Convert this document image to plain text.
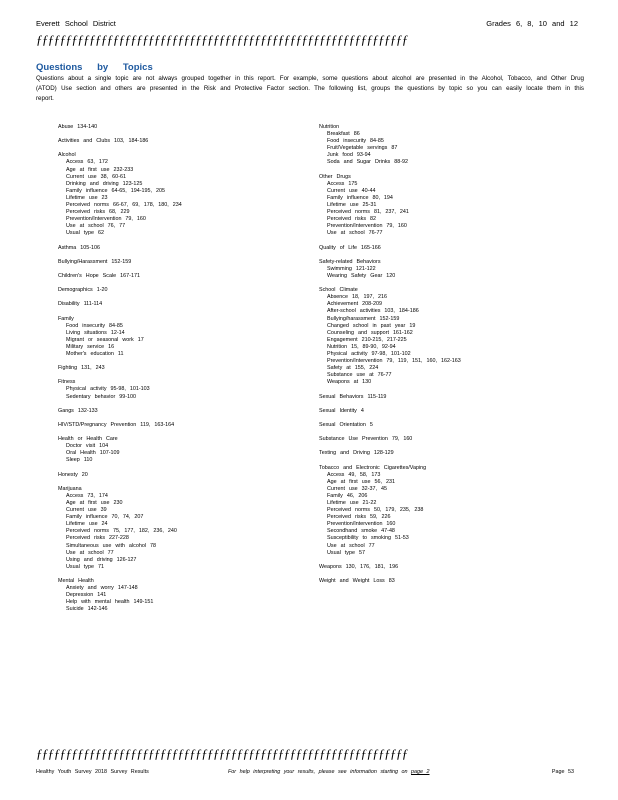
Everett School District	Grades 6, 8, 10 and 12
ƒƒƒƒƒƒƒƒƒƒƒƒƒƒƒƒƒƒƒƒƒƒƒƒƒƒƒƒƒƒƒƒƒƒƒƒƒƒƒƒƒƒƒƒƒƒƒƒƒƒƒƒƒƒƒƒƒƒƒƒƒƒƒ
Questions by Topics
Questions about a single topic are not always grouped together in this report. For example, some questions about alcohol are presented in the Alcohol, Tobacco, and Other Drug (ATOD) Use section and others are presented in the Risk and Protective Factor section. The following list, groups the questions by topic so you can easily locate them in this report.
Abuse 134-140
Activities and Clubs 103, 184-186
Alcohol
Access 63, 172
Age at first use 232-233
Current use 38, 60-61
Drinking and driving 123-125
Family influence 64-65, 194-195, 205
Lifetime use 23
Perceived norms 66-67, 69, 178, 180, 234
Perceived risks 68, 229
Prevention/Intervention 79, 160
Use at school 76, 77
Usual type 62
Asthma 105-106
Bullying/Harassment 152-159
Children's Hope Scale 167-171
Demographics 1-20
Disability 111-114
Family
Food insecurity 84-85
Living situations 12-14
Migrant or seasonal work 17
Military service 16
Mother's education 11
Fighting 131, 243
Fitness
Physical activity 95-98, 101-103
Sedentary behavior 99-100
Gangs 132-133
HIV/STD/Pregnancy Prevention 119, 163-164
Health or Health Care
Doctor visit 104
Oral Health 107-109
Sleep 110
Honesty 20
Marijuana
Access 73, 174
Age at first use 230
Current use 39
Family influence 70, 74, 207
Lifetime use 24
Perceived norms 75, 177, 182, 236, 240
Perceived risks 227-228
Simultaneous use with alcohol 78
Use at school 77
Using and driving 126-127
Usual type 71
Mental Health
Anxiety and worry 147-148
Depression 141
Help with mental health 149-151
Suicide 142-146
Nutrition
Breakfast 86
Food insecurity 84-85
Fruit/Vegetable servings 87
Junk food 93-94
Soda and Sugar Drinks 88-92
Other Drugs
Access 175
Current use 40-44
Family influence 80, 194
Lifetime use 25-31
Perceived norms 81, 237, 241
Perceived risks 82
Prevention/Intervention 79, 160
Use at school 76-77
Quality of Life 165-166
Safety-related Behaviors
Swimming 121-122
Wearing Safety Gear 120
School Climate
Absence 18, 197, 216
Achievement 208-209
After-school activities 103, 184-186
Bullying/harassment 152-159
Changed school in past year 19
Counseling and support 161-162
Engagement 210-215, 217-225
Nutrition 15, 89-90, 92-94
Physical activity 97-98, 101-102
Prevention/Intervention 79, 119, 151, 160, 162-163
Safety at 155, 224
Substance use at 76-77
Weapons at 130
Sexual Behaviors 115-119
Sexual Identity 4
Sexual Orientation 5
Substance Use Prevention 79, 160
Texting and Driving 128-129
Tobacco and Electronic Cigarettes/Vaping
Access 49, 58, 173
Age at first use 56, 231
Current use 32-37, 45
Family 46, 206
Lifetime use 21-22
Perceived norms 50, 179, 235, 238
Perceived risks 59, 226
Prevention/Intervention 160
Secondhand smoke 47-48
Susceptibility to smoking 51-53
Use at school 77
Usual type 57
Weapons 130, 176, 181, 196
Weight and Weight Loss 83
ƒƒƒƒƒƒƒƒƒƒƒƒƒƒƒƒƒƒƒƒƒƒƒƒƒƒƒƒƒƒƒƒƒƒƒƒƒƒƒƒƒƒƒƒƒƒƒƒƒƒƒƒƒƒƒƒƒƒƒƒƒƒƒ
Healthy Youth Survey 2018 Survey Results	For help interpreting your results, please see information starting on page 2	Page 53
